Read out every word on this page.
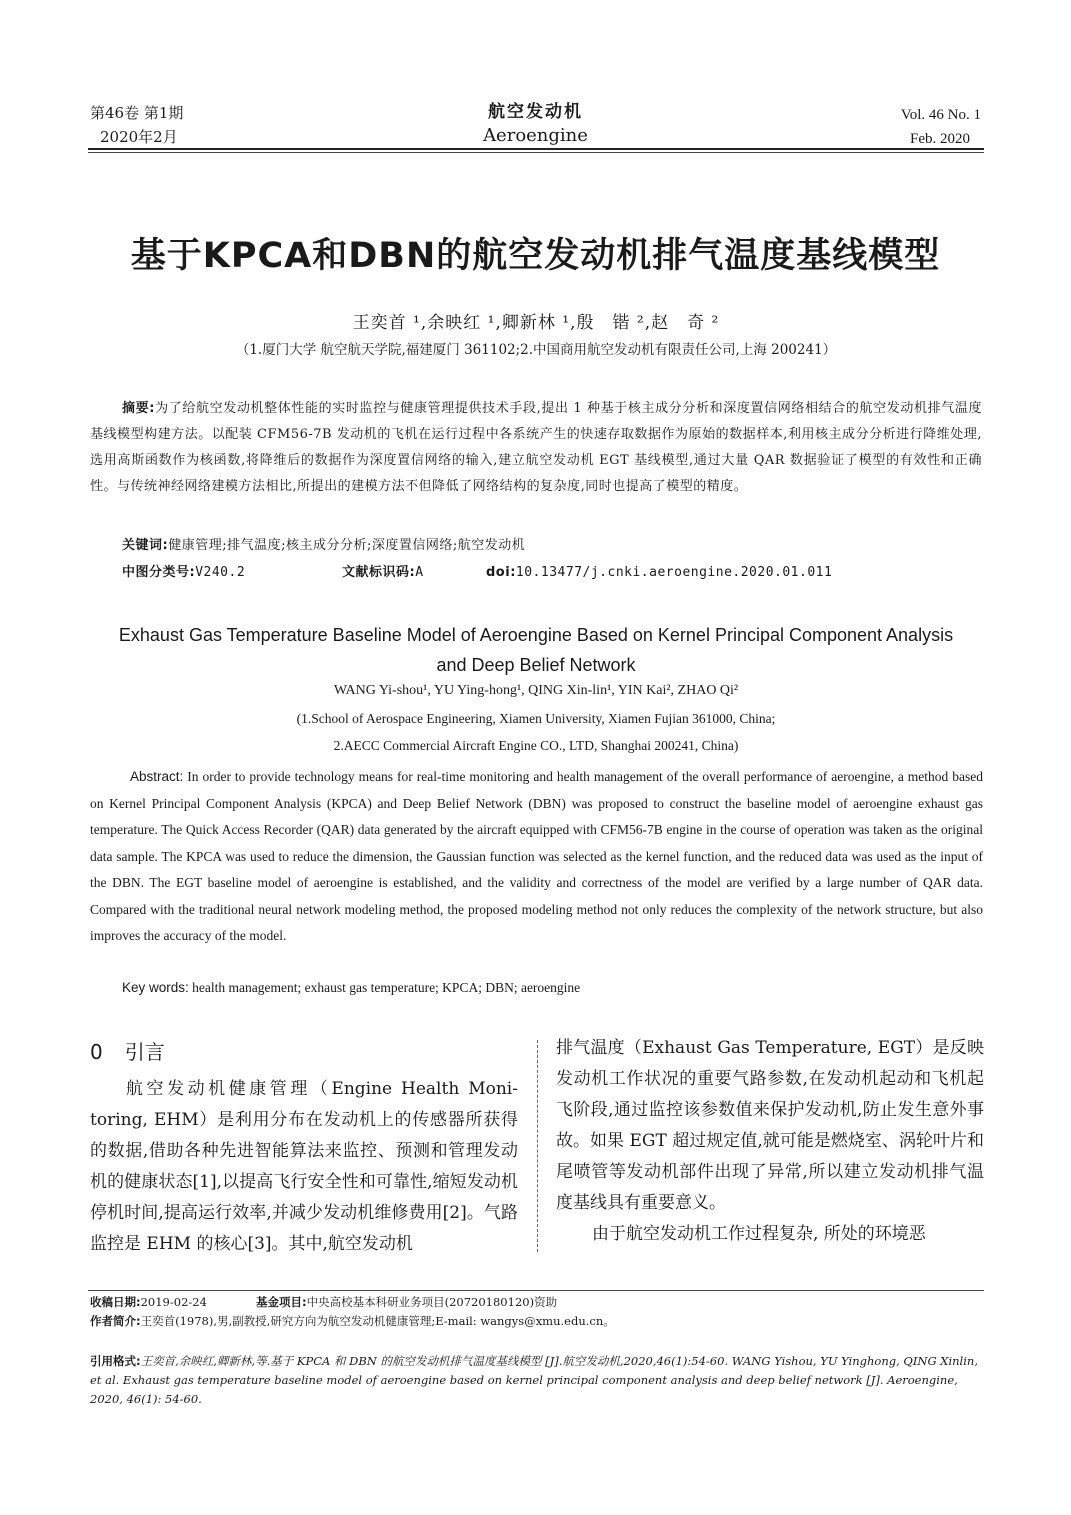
第46卷 第1期
2020年2月
航空发动机
Aeroengine
Vol. 46 No. 1
Feb. 2020
基于KPCA和DBN的航空发动机排气温度基线模型
王奕首 ¹,余映红 ¹,卿新林 ¹,殷　锴 ²,赵　奇 ²
（1.厦门大学 航空航天学院,福建厦门 361102;2.中国商用航空发动机有限责任公司,上海 200241）
摘要:为了给航空发动机整体性能的实时监控与健康管理提供技术手段,提出 1 种基于核主成分分析和深度置信网络相结合的航空发动机排气温度基线模型构建方法。以配装 CFM56-7B 发动机的飞机在运行过程中各系统产生的快速存取数据作为原始的数据样本,利用核主成分分析进行降维处理,选用高斯函数作为核函数,将降维后的数据作为深度置信网络的输入,建立航空发动机 EGT 基线模型,通过大量 QAR 数据验证了模型的有效性和正确性。与传统神经网络建模方法相比,所提出的建模方法不但降低了网络结构的复杂度,同时也提高了模型的精度。
关键词:健康管理;排气温度;核主成分分析;深度置信网络;航空发动机
中图分类号:V240.2	文献标识码:A	doi:10.13477/j.cnki.aeroengine.2020.01.011
Exhaust Gas Temperature Baseline Model of Aeroengine Based on Kernel Principal Component Analysis
and Deep Belief Network
WANG Yi-shou¹, YU Ying-hong¹, QING Xin-lin¹, YIN Kai², ZHAO Qi²
(1.School of Aerospace Engineering, Xiamen University, Xiamen Fujian 361000, China;
2.AECC Commercial Aircraft Engine CO., LTD, Shanghai 200241, China)
Abstract: In order to provide technology means for real-time monitoring and health management of the overall performance of aeroengine, a method based on Kernel Principal Component Analysis (KPCA) and Deep Belief Network (DBN) was proposed to construct the baseline model of aeroengine exhaust gas temperature. The Quick Access Recorder (QAR) data generated by the aircraft equipped with CFM56-7B engine in the course of operation was taken as the original data sample. The KPCA was used to reduce the dimension, the Gaussian function was selected as the kernel function, and the reduced data was used as the input of the DBN. The EGT baseline model of aeroengine is established, and the validity and correctness of the model are verified by a large number of QAR data. Compared with the traditional neural network modeling method, the proposed modeling method not only reduces the complexity of the network structure, but also improves the accuracy of the model.
Key words: health management; exhaust gas temperature; KPCA; DBN; aeroengine
0 引言
航空发动机健康管理（Engine Health Moni-toring, EHM）是利用分布在发动机上的传感器所获得的数据,借助各种先进智能算法来监控、预测和管理发动机的健康状态[1],以提高飞行安全性和可靠性,缩短发动机停机时间,提高运行效率,并减少发动机维修费用[2]。气路监控是 EHM 的核心[3]。其中,航空发动机
排气温度（Exhaust Gas Temperature, EGT）是反映发动机工作状况的重要气路参数,在发动机起动和飞机起飞阶段,通过监控该参数值来保护发动机,防止发生意外事故。如果 EGT 超过规定值,就可能是燃烧室、涡轮叶片和尾喷管等发动机部件出现了异常,所以建立发动机排气温度基线具有重要意义。
由于航空发动机工作过程复杂, 所处的环境恶
收稿日期:2019-02-24	基金项目:中央高校基本科研业务项目(20720180120)资助
作者简介:王奕首(1978),男,副教授,研究方向为航空发动机健康管理;E-mail: wangys@xmu.edu.cn。
引用格式:王奕首,余映红,卿新林,等.基于 KPCA 和 DBN 的航空发动机排气温度基线模型 [J].航空发动机,2020,46(1):54-60. WANG Yishou, YU Yinghong, QING Xinlin, et al. Exhaust gas temperature baseline model of aeroengine based on kernel principal component analysis and deep belief network [J]. Aeroengine, 2020, 46(1): 54-60.
